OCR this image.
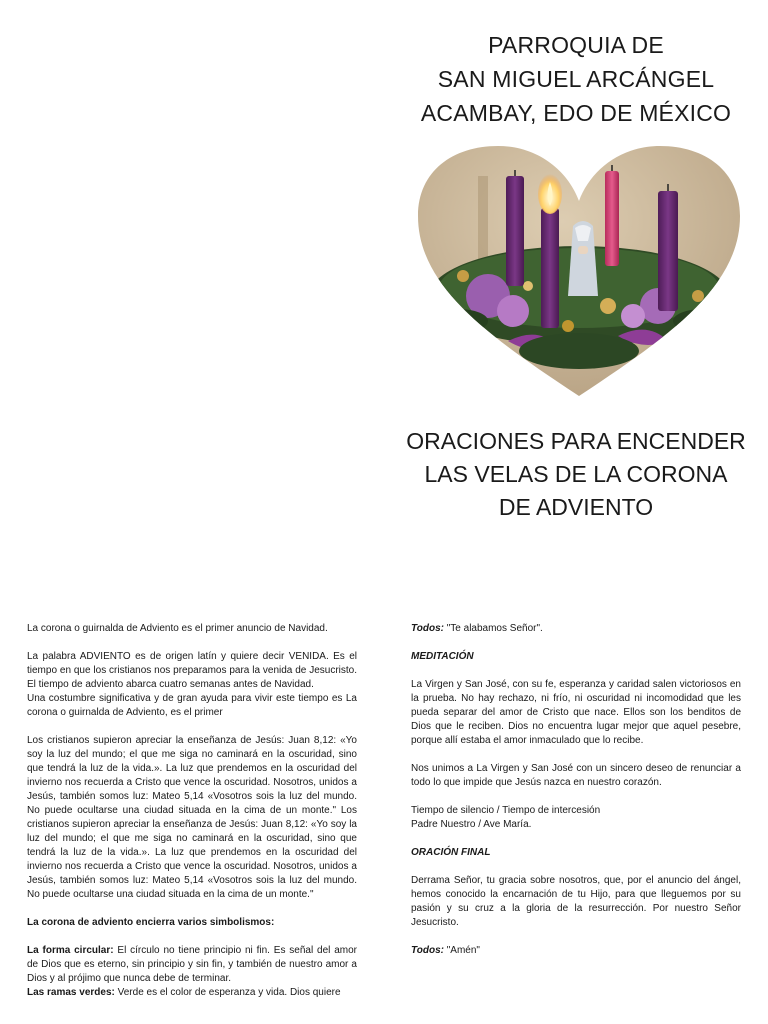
PARROQUIA DE
SAN MIGUEL ARCÁNGEL
ACAMBAY, EDO DE MÉXICO
ORACIONES PARA ENCENDER
LAS VELAS DE LA CORONA
DE ADVIENTO

La corona o guirnalda de Adviento es el primer anuncio de Navidad.

La palabra ADVIENTO es de origen latín y quiere decir VENIDA. Es el tiempo en que los cristianos nos preparamos para la venida de Jesucristo. El tiempo de adviento abarca cuatro semanas antes de Navidad.

Una costumbre significativa y de gran ayuda para vivir este tiempo es La corona o guirnalda de Adviento, es el primer

Los cristianos supieron apreciar la enseñanza de Jesús: Juan 8,12: «Yo soy la luz del mundo; el que me siga no caminará en la oscuridad, sino que tendrá la luz de la vida.». La luz que prendemos en la oscuridad del invierno nos recuerda a Cristo que vence la oscuridad. Nosotros, unidos a Jesús, también somos luz: Mateo 5,14 «Vosotros sois la luz del mundo. No puede ocultarse una ciudad situada en la cima de un monte." Los cristianos supieron apreciar la enseñanza de Jesús: Juan 8,12: «Yo soy la luz del mundo; el que me siga no caminará en la oscuridad, sino que tendrá la luz de la vida.». La luz que prendemos en la oscuridad del invierno nos recuerda a Cristo que vence la oscuridad. Nosotros, unidos a Jesús, también somos luz: Mateo 5,14 «Vosotros sois la luz del mundo. No puede ocultarse una ciudad situada en la cima de un monte."

La corona de adviento encierra varios simbolismos:

La forma circular: El círculo no tiene principio ni fin. Es señal del amor de Dios que es eterno, sin principio y sin fin, y también de nuestro amor a Dios y al prójimo que nunca debe de terminar.

Las ramas verdes: Verde es el color de esperanza y vida. Dios quiere

Todos: "Te alabamos Señor".

MEDITACIÓN

La Virgen y San José, con su fe, esperanza y caridad salen victoriosos en la prueba. No hay rechazo, ni frío, ni oscuridad ni incomodidad que les pueda separar del amor de Cristo que nace. Ellos son los benditos de Dios que le reciben. Dios no encuentra lugar mejor que aquel pesebre, porque allí estaba el amor inmaculado que lo recibe.

Nos unimos a La Virgen y San José con un sincero deseo de renunciar a todo lo que impide que Jesús nazca en nuestro corazón.

Tiempo de silencio / Tiempo de intercesión

Padre Nuestro / Ave María.

ORACIÓN FINAL

Derrama Señor, tu gracia sobre nosotros, que, por el anuncio del ángel, hemos conocido la encarnación de tu Hijo, para que lleguemos por su pasión y su cruz a la gloria de la resurrección. Por nuestro Señor Jesucristo.

Todos: "Amén"
